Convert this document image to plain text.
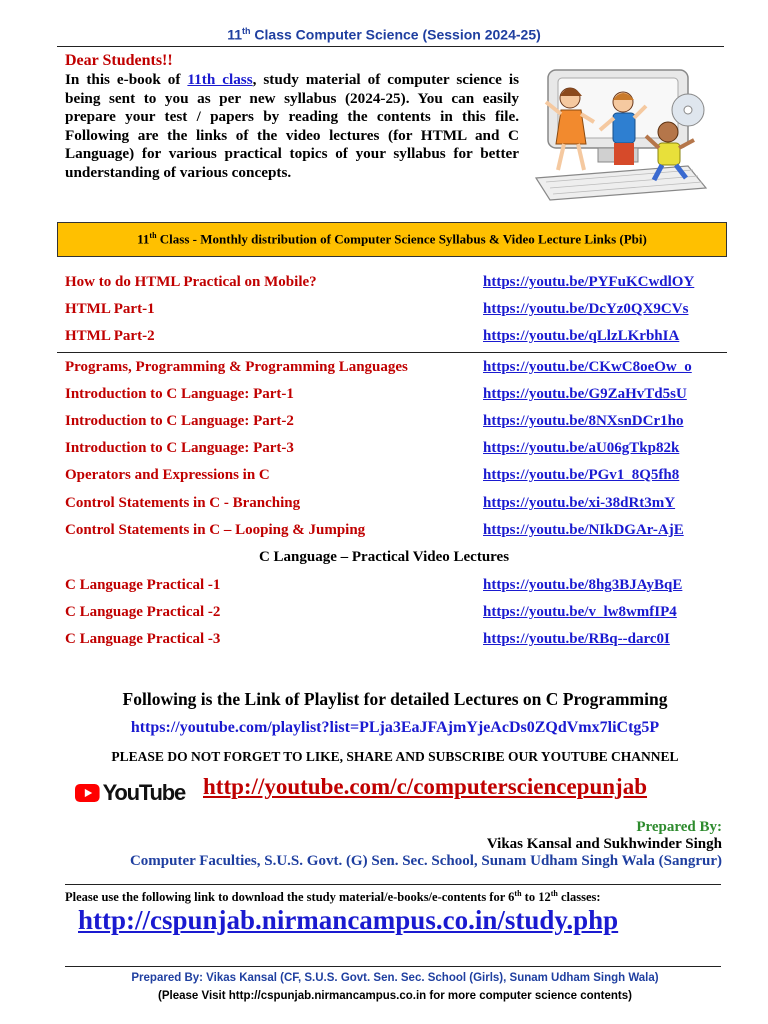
11th Class Computer Science (Session 2024-25)
Dear Students!!
In this e-book of 11th class, study material of computer science is being sent to you as per new syllabus (2024-25). You can easily prepare your test / papers by reading the contents in this file. Following are the links of the video lectures (for HTML and C Language) for various practical topics of your syllabus for better understanding of various concepts.
11th Class - Monthly distribution of Computer Science Syllabus & Video Lecture Links (Pbi)
How to do HTML Practical on Mobile?	https://youtu.be/PYFuKCwdlOY
HTML Part-1	https://youtu.be/DcYz0QX9CVs
HTML Part-2	https://youtu.be/qLlzLKrbhIA
Programs, Programming & Programming Languages	https://youtu.be/CKwC8oeOw_o
Introduction to C Language: Part-1	https://youtu.be/G9ZaHvTd5sU
Introduction to C Language: Part-2	https://youtu.be/8NXsnDCr1ho
Introduction to C Language: Part-3	https://youtu.be/aU06gTkp82k
Operators and Expressions in C	https://youtu.be/PGv1_8Q5fh8
Control Statements in C - Branching	https://youtu.be/xi-38dRt3mY
Control Statements in C – Looping & Jumping	https://youtu.be/NIkDGAr-AjE
C Language – Practical Video Lectures
C Language Practical -1	https://youtu.be/8hg3BJAyBqE
C Language Practical -2	https://youtu.be/v_lw8wmfIP4
C Language Practical -3	https://youtu.be/RBq--darc0I
Following is the Link of Playlist for detailed Lectures on C Programming
https://youtube.com/playlist?list=PLja3EaJFAjmYjeAcDs0ZQdVmx7liCtg5P
PLEASE DO NOT FORGET TO LIKE, SHARE AND SUBSCRIBE OUR YOUTUBE CHANNEL
YouTube http://youtube.com/c/computersciencepunjab
Prepared By:
Vikas Kansal and Sukhwinder Singh
Computer Faculties, S.U.S. Govt. (G) Sen. Sec. School, Sunam Udham Singh Wala (Sangrur)
Please use the following link to download the study material/e-books/e-contents for 6th to 12th classes:
http://cspunjab.nirmancampus.co.in/study.php
Prepared By: Vikas Kansal (CF, S.U.S. Govt. Sen. Sec. School (Girls), Sunam Udham Singh Wala)
(Please Visit http://cspunjab.nirmancampus.co.in for more computer science contents)
